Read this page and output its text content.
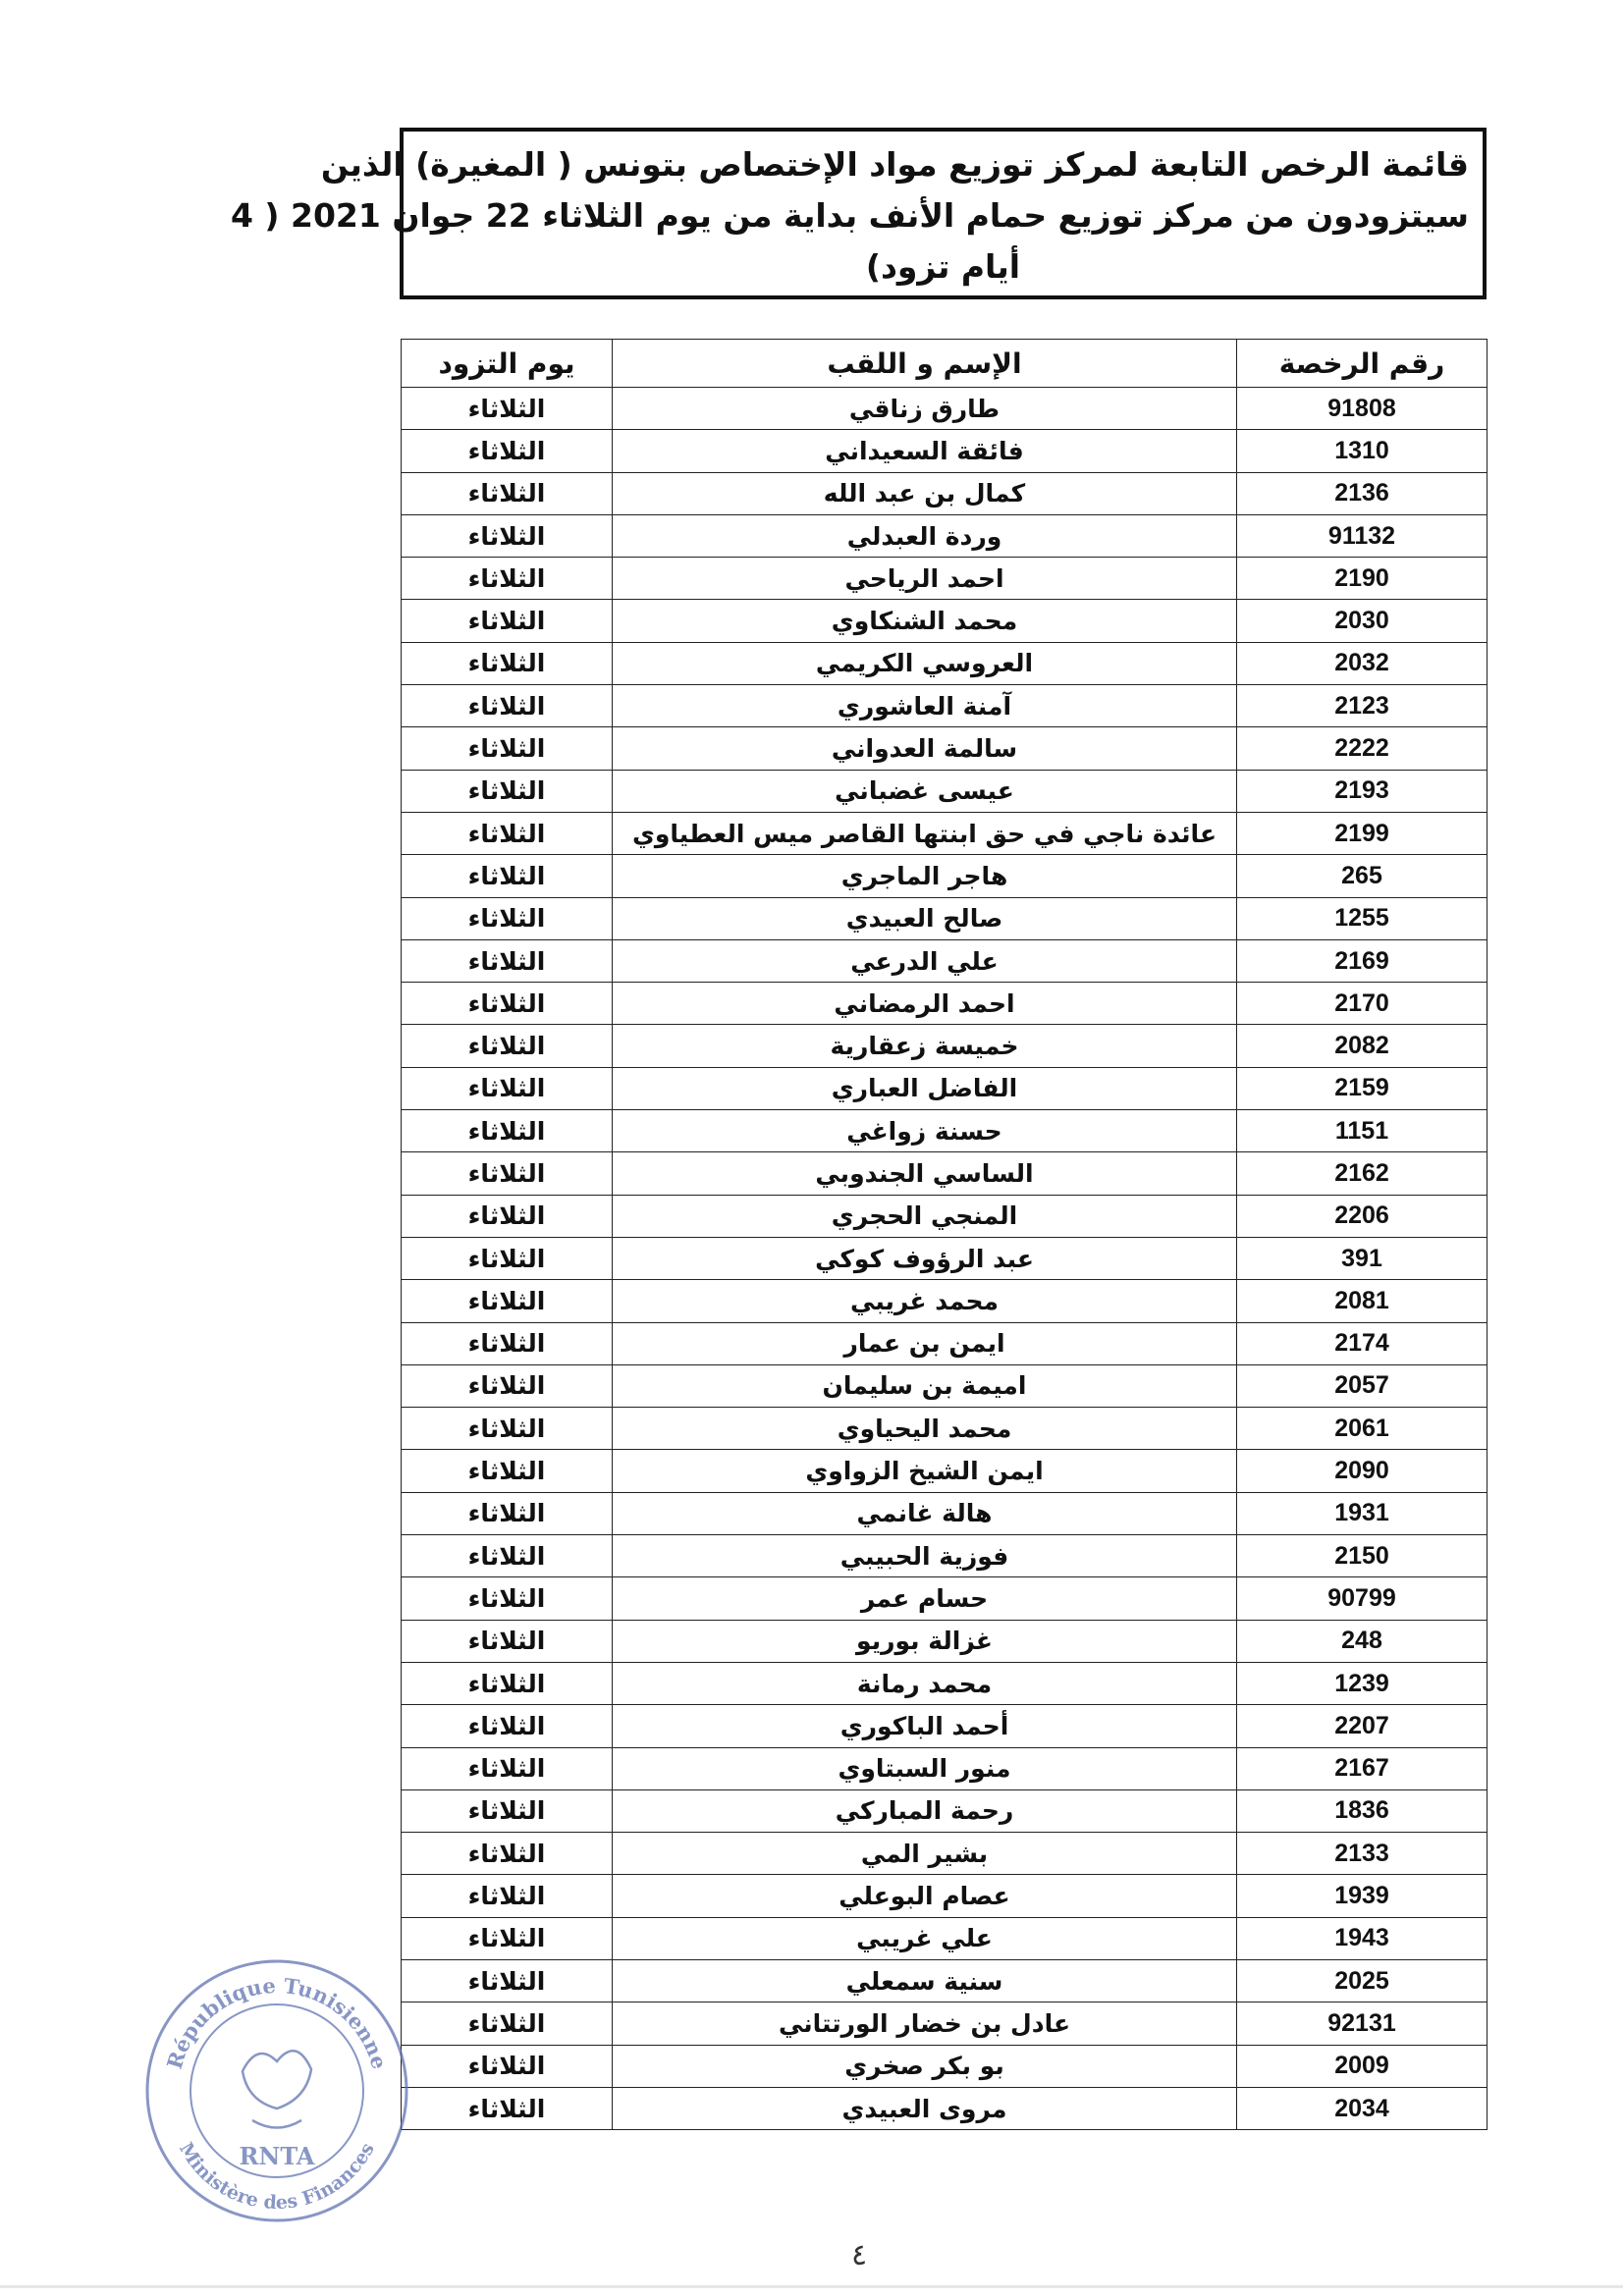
قائمة الرخص التابعة لمركز توزيع مواد الإختصاص بتونس ( المغيرة) الذين
سيتزودون من مركز توزيع حمام الأنف بداية من يوم الثلاثاء 22 جوان 2021 ( 4
أيام تزود)
رقم الرخصة	الإسم و اللقب	يوم التزود
91808	طارق زناقي	الثلاثاء
1310	فائقة السعيداني	الثلاثاء
2136	كمال بن عبد الله	الثلاثاء
91132	وردة العبدلي	الثلاثاء
2190	احمد الرياحي	الثلاثاء
2030	محمد الشنكاوي	الثلاثاء
2032	العروسي الكريمي	الثلاثاء
2123	آمنة العاشوري	الثلاثاء
2222	سالمة العدواني	الثلاثاء
2193	عيسى غضباني	الثلاثاء
2199	عائدة ناجي في حق ابنتها القاصر ميس العطياوي	الثلاثاء
265	هاجر الماجري	الثلاثاء
1255	صالح العبيدي	الثلاثاء
2169	علي الدرعي	الثلاثاء
2170	احمد الرمضاني	الثلاثاء
2082	خميسة زعقارية	الثلاثاء
2159	الفاضل العباري	الثلاثاء
1151	حسنة زواغي	الثلاثاء
2162	الساسي الجندوبي	الثلاثاء
2206	المنجي الحجري	الثلاثاء
391	عبد الرؤوف كوكي	الثلاثاء
2081	محمد غريبي	الثلاثاء
2174	ايمن بن عمار	الثلاثاء
2057	اميمة بن سليمان	الثلاثاء
2061	محمد اليحياوي	الثلاثاء
2090	ايمن الشيخ الزواوي	الثلاثاء
1931	هالة غانمي	الثلاثاء
2150	فوزية الحبيبي	الثلاثاء
90799	حسام عمر	الثلاثاء
248	غزالة بوريو	الثلاثاء
1239	محمد رمانة	الثلاثاء
2207	أحمد الباكوري	الثلاثاء
2167	منور السبتاوي	الثلاثاء
1836	رحمة المباركي	الثلاثاء
2133	بشير المي	الثلاثاء
1939	عصام البوعلي	الثلاثاء
1943	علي غريبي	الثلاثاء
2025	سنية سمعلي	الثلاثاء
92131	عادل بن خضار الورتتاني	الثلاثاء
2009	بو بكر صخري	الثلاثاء
2034	مروى العبيدي	الثلاثاء
République Tunisienne
Ministère des Finances
RNTA
٤
